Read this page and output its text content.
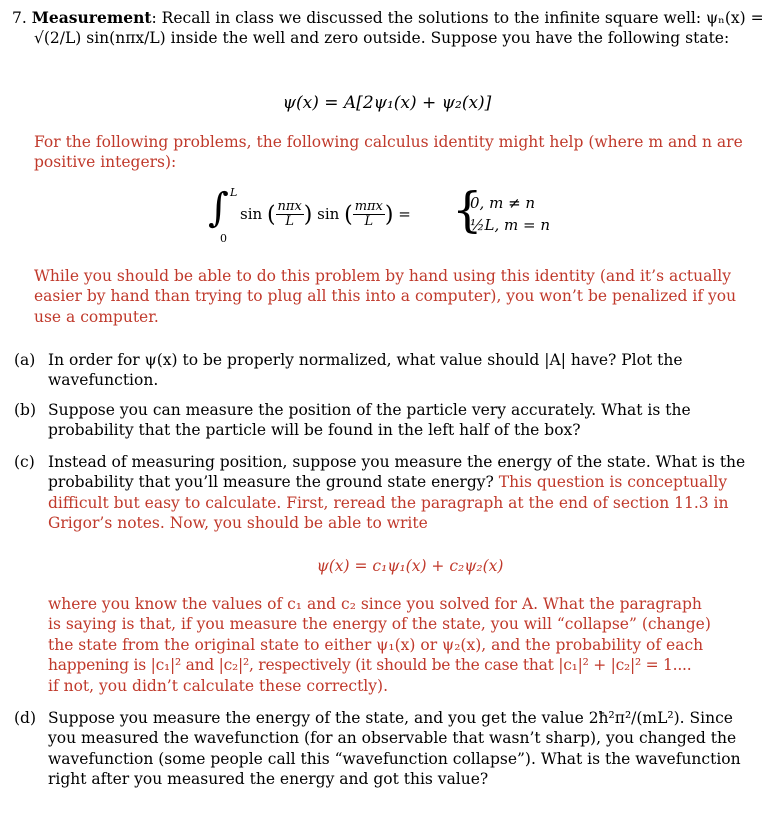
7. Measurement: Recall in class we discussed the solutions to the infinite square well: ψₙ(x) =
√(2/L) sin(nπx/L) inside the well and zero outside. Suppose you have the following state:
ψ(x) = A[2ψ₁(x) + ψ₂(x)]
For the following problems, the following calculus identity might help (where m and n are
positive integers):
∫ L
0
sin ( $\frac{\text{nπx}}{L}$ ) sin ( $\frac{\text{mπx}}{L}$ ) = {
0, m ≠ n
½L, m = n
While you should be able to do this problem by hand using this identity (and it’s actually
easier by hand than trying to plug all this into a computer), you won’t be penalized if you
use a computer.
(a) In order for ψ(x) to be properly normalized, what value should |A| have? Plot the
wavefunction.
(b) Suppose you can measure the position of the particle very accurately. What is the
probability that the particle will be found in the left half of the box?
(c) Instead of measuring position, suppose you measure the energy of the state. What is the
probability that you’ll measure the ground state energy? This question is conceptually
difficult but easy to calculate. First, reread the paragraph at the end of section 11.3 in
Grigor’s notes. Now, you should be able to write
ψ(x) = c₁ψ₁(x) + c₂ψ₂(x)
where you know the values of c₁ and c₂ since you solved for A. What the paragraph
is saying is that, if you measure the energy of the state, you will “collapse” (change)
the state from the original state to either ψ₁(x) or ψ₂(x), and the probability of each
happening is |c₁|² and |c₂|², respectively (it should be the case that |c₁|² + |c₂|² = 1....
if not, you didn’t calculate these correctly).
(d) Suppose you measure the energy of the state, and you get the value 2ħ²π²/(mL²). Since
you measured the wavefunction (for an observable that wasn’t sharp), you changed the
wavefunction (some people call this “wavefunction collapse”). What is the wavefunction
right after you measured the energy and got this value?
